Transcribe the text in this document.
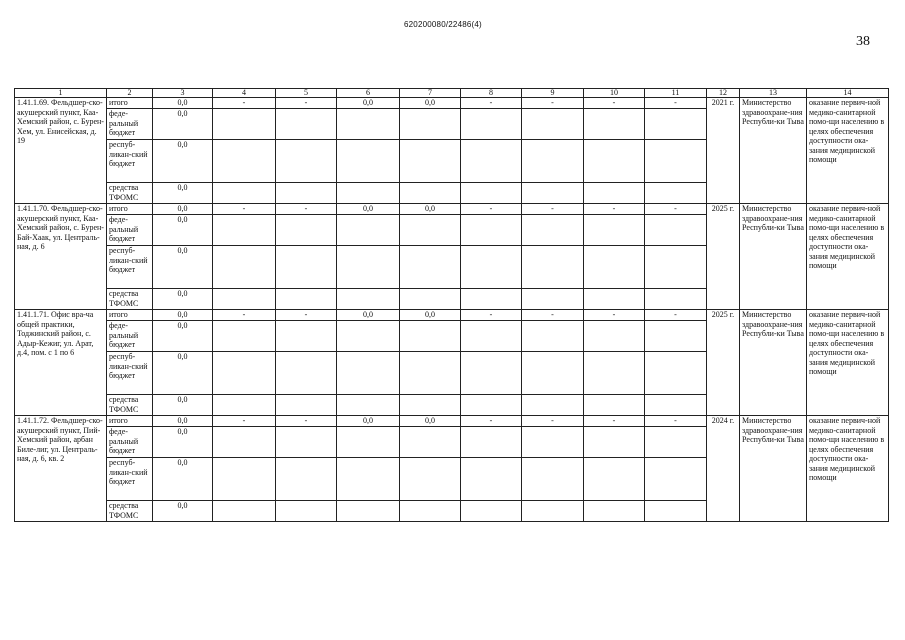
620200080/22486(4)
38
1	2	3	4	5	6	7	8	9	10	11	12	13	14
1.41.1.69. Фельдшер-ско-акушерский пункт, Каа-Хемский район, с. Бурен-Хем, ул. Енисейская, д. 19	итого	0,0	-	-	0,0	0,0	-	-	-	-	2021 г.	Министерство здравоохране-ния Республи-ки Тыва	оказание первич-ной медико-санитарной помо-щи населению в целях обеспечения доступности ока-зания медицинской помощи
	феде-ральный бюджет	0,0											
	респуб-ликан-ский бюджет	0,0											
	средства ТФОМС	0,0											
1.41.1.70. Фельдшер-ско-акушерский пункт, Каа-Хемский район, с. Бурен-Бай-Хаак, ул. Централь-ная, д. 6	итого	0,0	-	-	0,0	0,0	-	-	-	-	2025 г.	Министерство здравоохране-ния Республи-ки Тыва	оказание первич-ной медико-санитарной помо-щи населению в целях обеспечения доступности ока-зания медицинской помощи
	феде-ральный бюджет	0,0											
	респуб-ликан-ский бюджет	0,0											
	средства ТФОМС	0,0											
1.41.1.71. Офис вра-ча общей практики, Тоджинский район, с. Адыр-Кежиг, ул. Арат, д.4, пом. с 1 по 6	итого	0,0	-	-	0,0	0,0	-	-	-	-	2025 г.	Министерство здравоохране-ния Республи-ки Тыва	оказание первич-ной медико-санитарной помо-щи населению в целях обеспечения доступности ока-зания медицинской помощи
	феде-ральный бюджет	0,0											
	респуб-ликан-ский бюджет	0,0											
	средства ТФОМС	0,0											
1.41.1.72. Фельдшер-ско-акушерский пункт, Пий-Хемский район, арбан Биле-лиг, ул. Централь-ная, д. 6, кв. 2	итого	0,0	-	-	0,0	0,0	-	-	-	-	2024 г.	Министерство здравоохране-ния Республи-ки Тыва	оказание первич-ной медико-санитарной помо-щи населению в целях обеспечения доступности ока-зания медицинской помощи
	феде-ральный бюджет	0,0											
	респуб-ликан-ский бюджет	0,0											
	средства ТФОМС	0,0											
